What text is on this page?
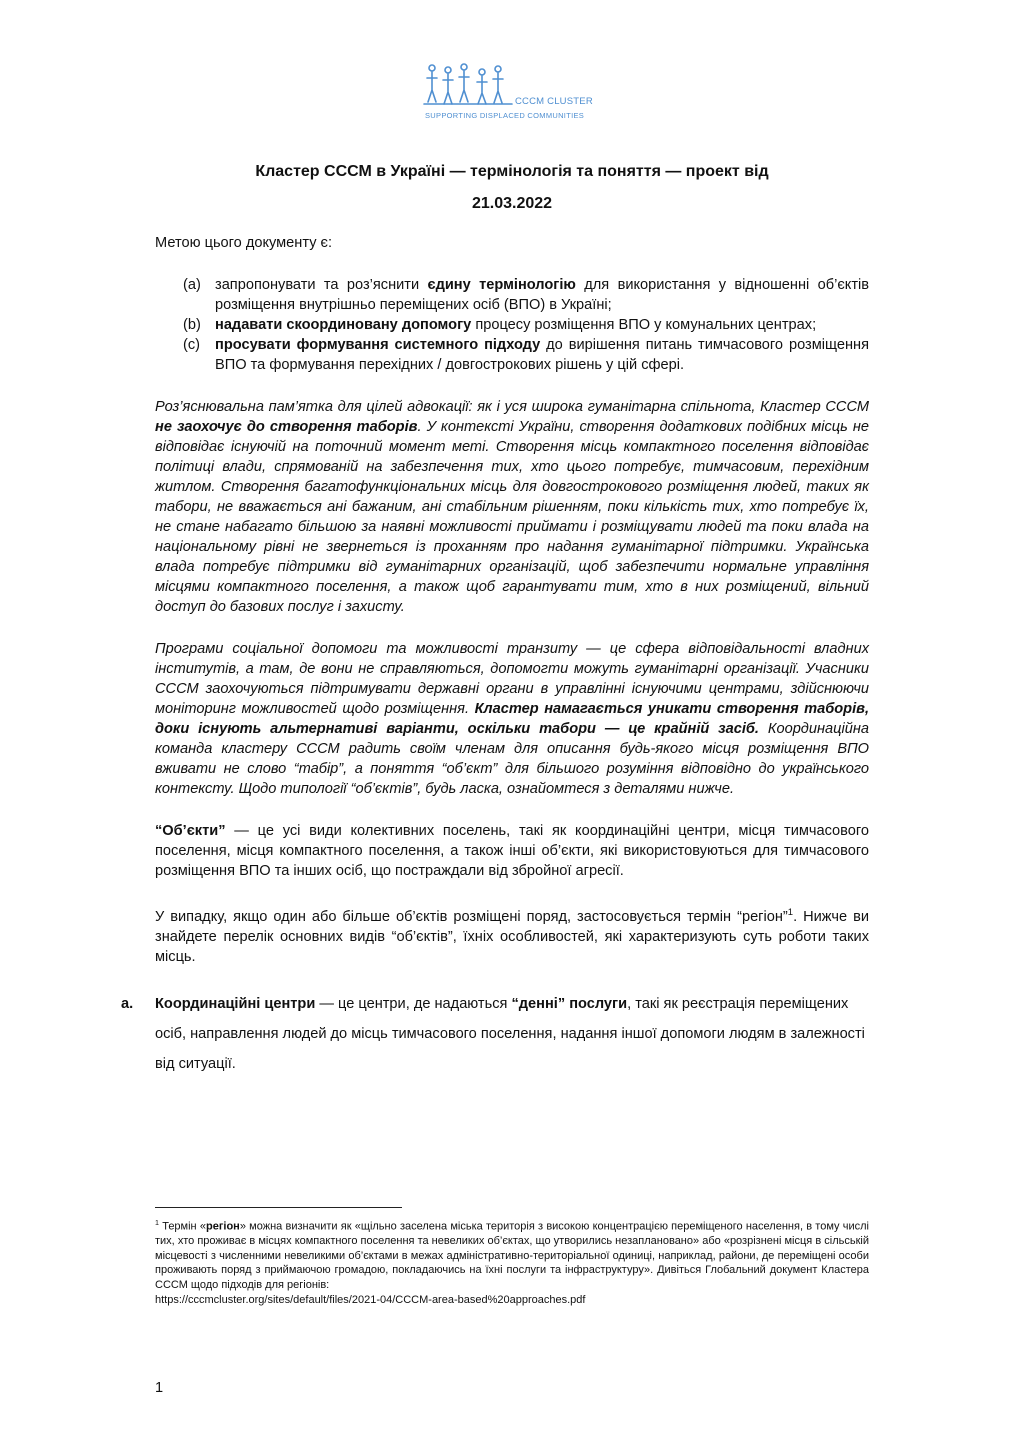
CCCM CLUSTER
SUPPORTING DISPLACED COMMUNITIES
Кластер СССМ в Україні — термінологія та поняття — проект від
21.03.2022

Метою цього документу є:

(a) запропонувати та роз’яснити єдину термінологію для використання у відношенні об’єктів розміщення внутрішньо переміщених осіб (ВПО) в Україні;
(b) надавати скоординовану допомогу процесу розміщення ВПО у комунальних центрах;
(c)	просувати формування системного підходу до вирішення питань тимчасового розміщення ВПО та формування перехідних / довгострокових рішень у цій сфері.

Роз’яснювальна пам’ятка для цілей адвокації: як і уся широка гуманітарна спільнота, Кластер СССМ не заохочує до створення таборів. У контексті України, створення додаткових подібних місць не відповідає існуючій на поточний момент меті. Створення місць компактного поселення відповідає політиці влади, спрямованій на забезпечення тих, хто цього потребує, тимчасовим, перехідним житлом. Створення багатофункціональних місць для довгострокового розміщення людей, таких як табори, не вважається ані бажаним, ані стабільним рішенням, поки кількість тих, хто потребує їх, не стане набагато більшою за наявні можливості приймати і розміщувати людей та поки влада на національному рівні не звернеться із проханням про надання гуманітарної підтримки. Українська влада потребує підтримки від гуманітарних організацій, щоб забезпечити нормальне управління місцями компактного поселення, а також щоб гарантувати тим, хто в них розміщений, вільний доступ до базових послуг і захисту.

Програми соціальної допомоги та можливості транзиту — це сфера відповідальності владних інститутів, а там, де вони не справляються, допомогти можуть гуманітарні організації. Учасники СССМ заохочуються підтримувати державні органи в управлінні існуючими центрами, здійснюючи моніторинг можливостей щодо розміщення. Кластер намагається уникати створення таборів, доки існують альтернативі варіанти, оскільки табори — це крайній засіб. Координаційна команда кластеру СССМ радить своїм членам для описання будь-якого місця розміщення ВПО вживати не слово “табір”, а поняття “об’єкт” для більшого розуміння відповідно до українського контексту. Щодо типології “об’єктів”, будь ласка, ознайомтеся з деталями нижче.

“Об’єкти” — це усі види колективних поселень, такі як координаційні центри, місця тимчасового поселення, місця компактного поселення, а також інші об’єкти, які використовуються для тимчасового розміщення ВПО та інших осіб, що постраждали від збройної агресії.

У випадку, якщо один або більше об’єктів розміщені поряд, застосовується термін “регіон”$^1$. Нижче ви знайдете перелік основних видів “об’єктів”, їхніх особливостей, які характеризують суть роботи таких місць.

a.	Координаційні центри — це центри, де надаються “денні” послуги, такі як реєстрація переміщених осіб, направлення людей до місць тимчасового поселення, надання іншої допомоги людям в залежності від ситуації.
$^1$ Термін «регіон» можна визначити як «щільно заселена міська територія з високою концентрацією переміщеного населення, в тому числі тих, хто проживає в місцях компактного поселення та невеликих об’єктах, що утворились незаплановано» або «розрізнені місця в сільській місцевості з численними невеликими об’єктами в межах адміністративно-територіальної одиниці, наприклад, райони, де переміщені особи проживають поряд з приймаючою громадою, покладаючись на їхні послуги та інфраструктуру». Дивіться Глобальний документ Кластера СССМ щодо підходів для регіонів:
https://cccmcluster.org/sites/default/files/2021-04/CCCM-area-based%20approaches.pdf
1
